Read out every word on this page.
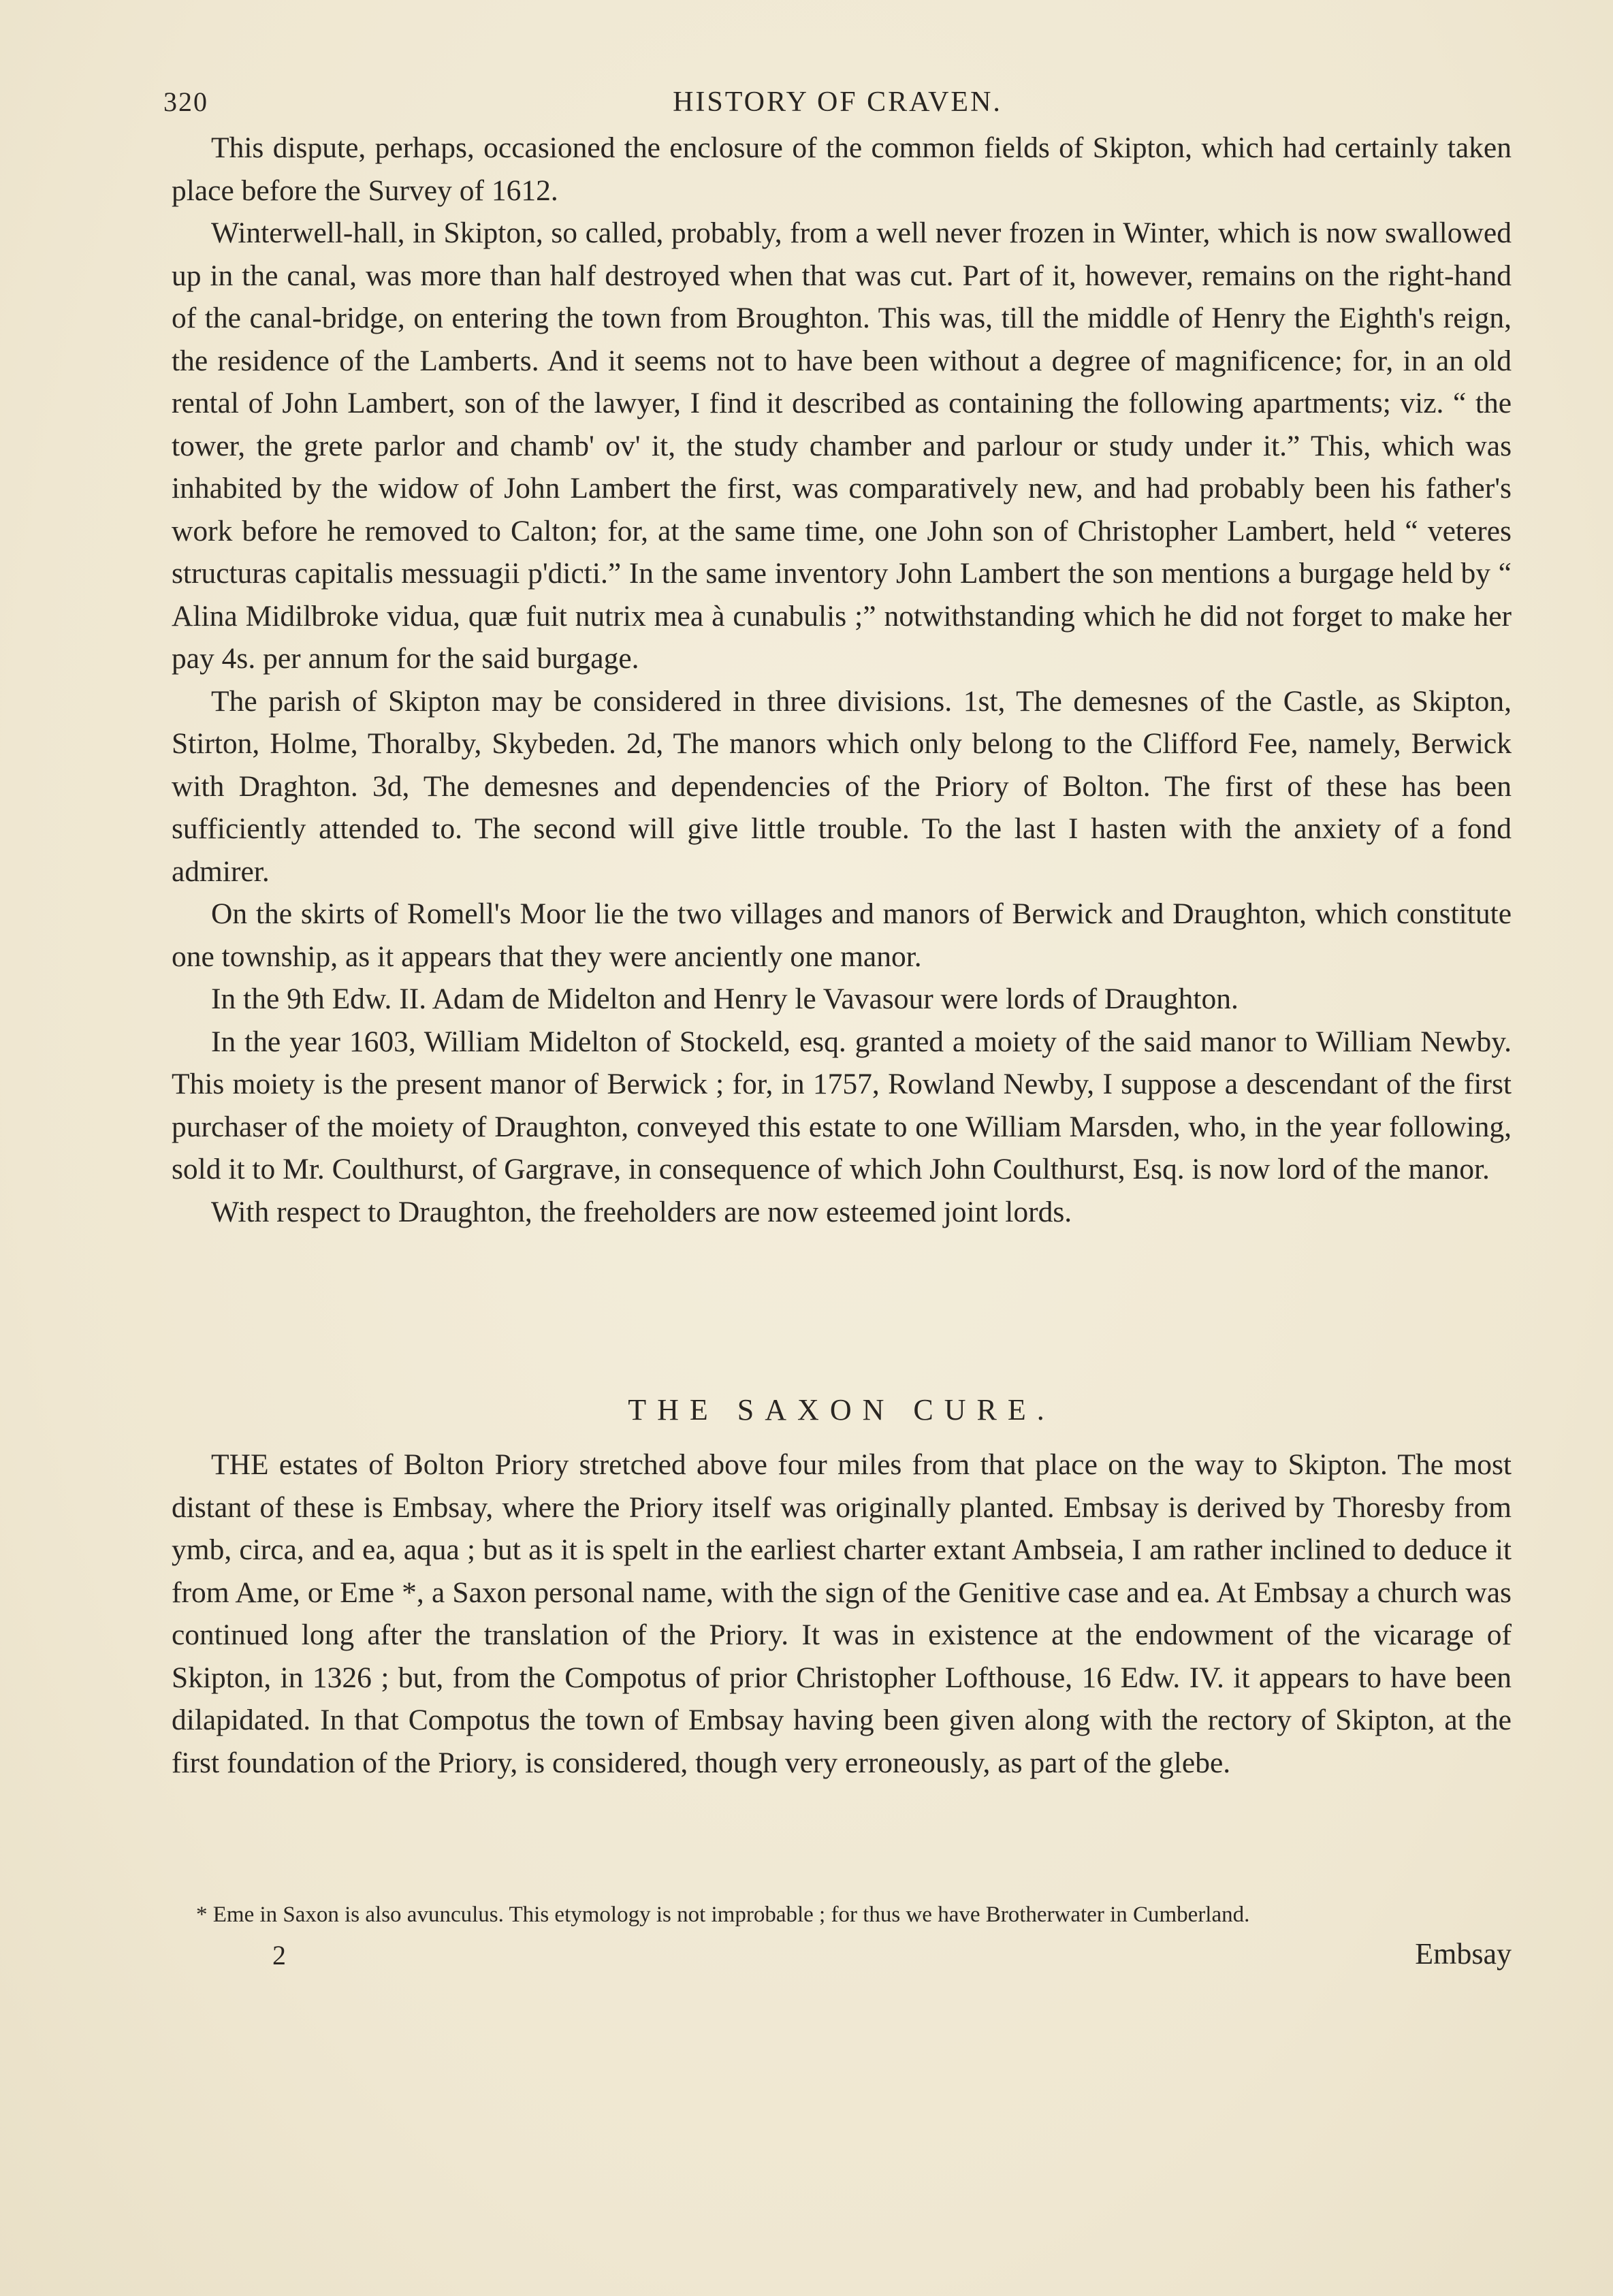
320	HISTORY OF CRAVEN.

This dispute, perhaps, occasioned the enclosure of the common fields of Skipton, which had certainly taken place before the Survey of 1612.

Winterwell-hall, in Skipton, so called, probably, from a well never frozen in Winter, which is now swallowed up in the canal, was more than half destroyed when that was cut. Part of it, however, remains on the right-hand of the canal-bridge, on entering the town from Broughton. This was, till the middle of Henry the Eighth's reign, the residence of the Lamberts. And it seems not to have been without a degree of magnificence; for, in an old rental of John Lambert, son of the lawyer, I find it described as containing the following apartments; viz. “ the tower, the grete parlor and chamb' ov' it, the study chamber and parlour or study under it.” This, which was inhabited by the widow of John Lambert the first, was comparatively new, and had probably been his father's work before he removed to Calton; for, at the same time, one John son of Christopher Lambert, held “ veteres structuras capitalis messuagii p'dicti.” In the same inventory John Lambert the son mentions a burgage held by “ Alina Midilbroke vidua, quæ fuit nutrix mea à cunabulis ;” notwithstanding which he did not forget to make her pay 4s. per annum for the said burgage.

The parish of Skipton may be considered in three divisions. 1st, The demesnes of the Castle, as Skipton, Stirton, Holme, Thoralby, Skybeden. 2d, The manors which only belong to the Clifford Fee, namely, Berwick with Draghton. 3d, The demesnes and dependencies of the Priory of Bolton. The first of these has been sufficiently attended to. The second will give little trouble. To the last I hasten with the anxiety of a fond admirer.

On the skirts of Romell's Moor lie the two villages and manors of Berwick and Draughton, which constitute one township, as it appears that they were anciently one manor.

In the 9th Edw. II. Adam de Midelton and Henry le Vavasour were lords of Draughton.

In the year 1603, William Midelton of Stockeld, esq. granted a moiety of the said manor to William Newby. This moiety is the present manor of Berwick ; for, in 1757, Rowland Newby, I suppose a descendant of the first purchaser of the moiety of Draughton, conveyed this estate to one William Marsden, who, in the year following, sold it to Mr. Coulthurst, of Gargrave, in consequence of which John Coulthurst, Esq. is now lord of the manor.

With respect to Draughton, the freeholders are now esteemed joint lords.

THE SAXON CURE.

THE estates of Bolton Priory stretched above four miles from that place on the way to Skipton. The most distant of these is Embsay, where the Priory itself was originally planted. Embsay is derived by Thoresby from ymb, circa, and ea, aqua ; but as it is spelt in the earliest charter extant Ambseia, I am rather inclined to deduce it from Ame, or Eme *, a Saxon personal name, with the sign of the Genitive case and ea. At Embsay a church was continued long after the translation of the Priory. It was in existence at the endowment of the vicarage of Skipton, in 1326 ; but, from the Compotus of prior Christopher Lofthouse, 16 Edw. IV. it appears to have been dilapidated. In that Compotus the town of Embsay having been given along with the rectory of Skipton, at the first foundation of the Priory, is considered, though very erroneously, as part of the glebe.

* Eme in Saxon is also avunculus. This etymology is not improbable ; for thus we have Brotherwater in Cumberland.
2	Embsay
